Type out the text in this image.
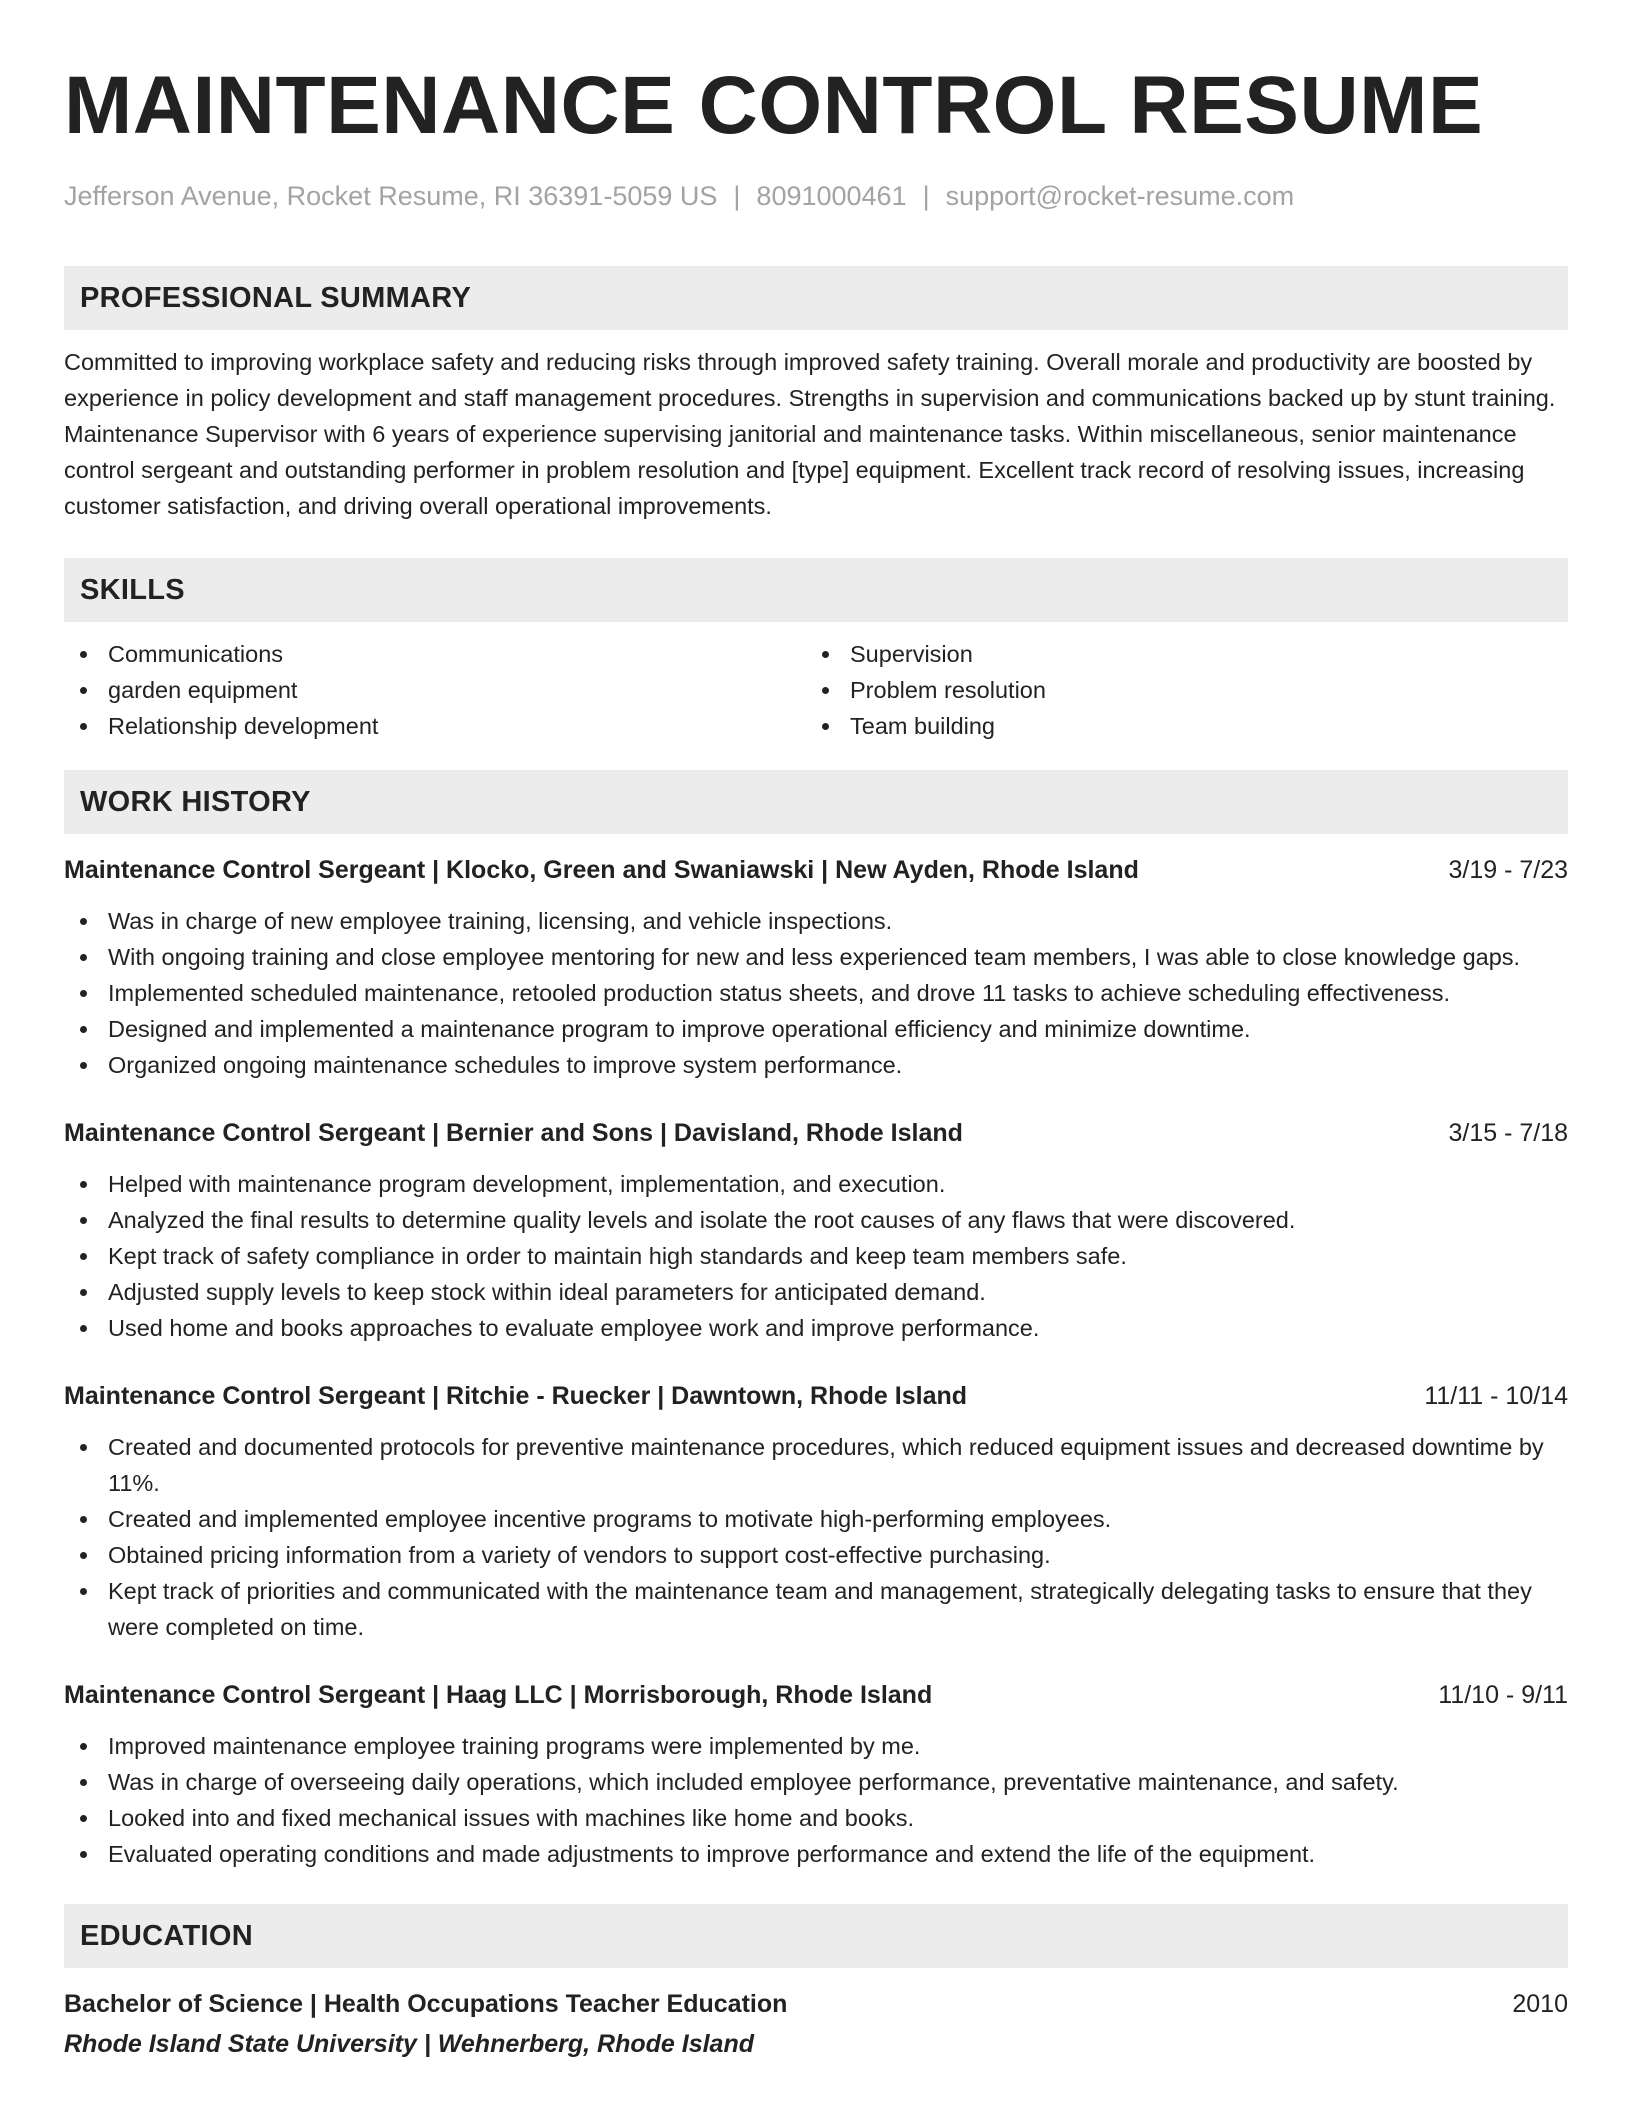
MAINTENANCE CONTROL RESUME
Jefferson Avenue, Rocket Resume, RI 36391-5059 US | 8091000461 | support@rocket-resume.com
PROFESSIONAL SUMMARY

Committed to improving workplace safety and reducing risks through improved safety training. Overall morale and productivity are boosted by experience in policy development and staff management procedures. Strengths in supervision and communications backed up by stunt training. Maintenance Supervisor with 6 years of experience supervising janitorial and maintenance tasks. Within miscellaneous, senior maintenance control sergeant and outstanding performer in problem resolution and [type] equipment. Excellent track record of resolving issues, increasing customer satisfaction, and driving overall operational improvements.

SKILLS
Communications
garden equipment
Relationship development
Supervision
Problem resolution
Team building
WORK HISTORY
Maintenance Control Sergeant | Klocko, Green and Swaniawski | New Ayden, Rhode Island	3/19 - 7/23
Was in charge of new employee training, licensing, and vehicle inspections.
With ongoing training and close employee mentoring for new and less experienced team members, I was able to close knowledge gaps.
Implemented scheduled maintenance, retooled production status sheets, and drove 11 tasks to achieve scheduling effectiveness.
Designed and implemented a maintenance program to improve operational efficiency and minimize downtime.
Organized ongoing maintenance schedules to improve system performance.
Maintenance Control Sergeant | Bernier and Sons | Davisland, Rhode Island	3/15 - 7/18
Helped with maintenance program development, implementation, and execution.
Analyzed the final results to determine quality levels and isolate the root causes of any flaws that were discovered.
Kept track of safety compliance in order to maintain high standards and keep team members safe.
Adjusted supply levels to keep stock within ideal parameters for anticipated demand.
Used home and books approaches to evaluate employee work and improve performance.
Maintenance Control Sergeant | Ritchie - Ruecker | Dawntown, Rhode Island	11/11 - 10/14
Created and documented protocols for preventive maintenance procedures, which reduced equipment issues and decreased downtime by 11%.
Created and implemented employee incentive programs to motivate high-performing employees.
Obtained pricing information from a variety of vendors to support cost-effective purchasing.
Kept track of priorities and communicated with the maintenance team and management, strategically delegating tasks to ensure that they were completed on time.
Maintenance Control Sergeant | Haag LLC | Morrisborough, Rhode Island	11/10 - 9/11
Improved maintenance employee training programs were implemented by me.
Was in charge of overseeing daily operations, which included employee performance, preventative maintenance, and safety.
Looked into and fixed mechanical issues with machines like home and books.
Evaluated operating conditions and made adjustments to improve performance and extend the life of the equipment.
EDUCATION
Bachelor of Science | Health Occupations Teacher Education	2010
Rhode Island State University | Wehnerberg, Rhode Island
